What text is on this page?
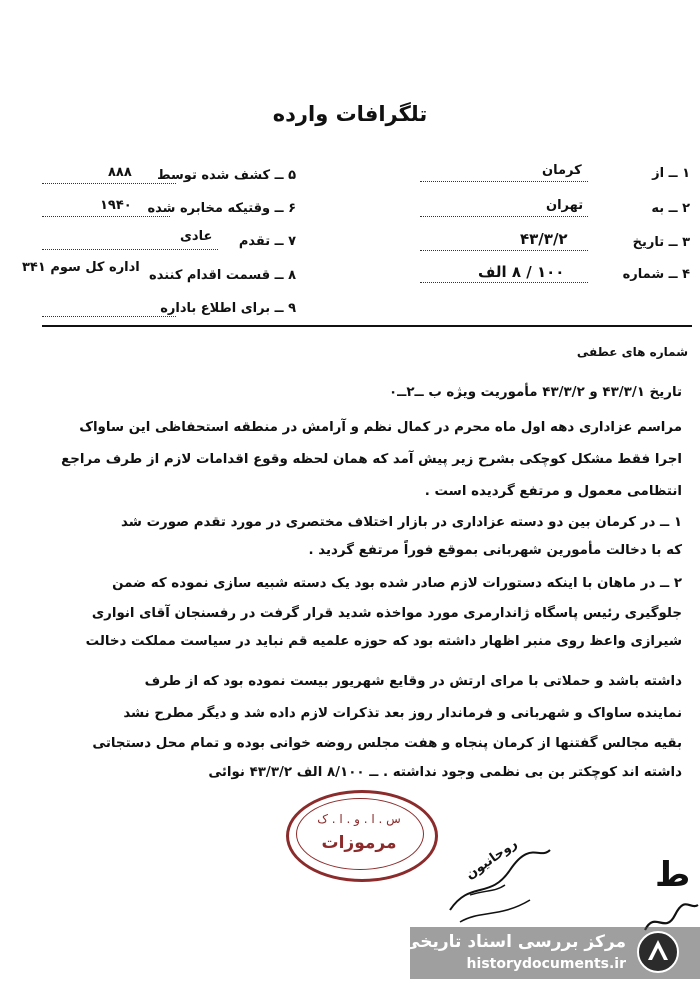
تلگرافات وارده
۱ ــ از
کرمان
۲ ــ به
تهران
۳ ــ تاریخ
۴۳/۳/۲
۴ ــ شماره
۱۰۰ / ۸ الف
۵ ــ کشف شده توسط
۸۸۸
۶ ــ وقتیکه مخابره شده
۱۹۴۰
۷ ــ تقدم
عادی
۸ ــ قسمت اقدام کننده
اداره کل سوم ۳۴۱
۹ ــ برای اطلاع باداره
شماره های عطفی
تاریخ ۴۳/۳/۱ و ۴۳/۳/۲ مأموریت ویژه ب ــ۲ــ۰
مراسم عزاداری دهه اول ماه محرم در کمال نظم و آرامش در منطقه استحفاظی این ساواک
اجرا فقط مشکل کوچکی بشرح زیر پیش آمد که همان لحظه وقوع اقدامات لازم از طرف مراجع
انتظامی معمول و مرتفع گردیده است .
۱ ــ در کرمان بین دو دسته عزاداری در بازار اختلاف مختصری در مورد تقدم صورت شد
که با دخالت مأمورین شهربانی بموقع فوراً مرتفع گردید .
۲ ــ در ماهان با اینکه دستورات لازم صادر شده بود یک دسته شبیه سازی نموده که ضمن
جلوگیری رئیس پاسگاه ژاندارمری مورد مواخذه شدید قرار گرفت در رفسنجان آقای انواری
شیرازی واعظ روی منبر اظهار داشته بود که حوزه علمیه قم نباید در سیاست مملکت دخالت
داشته باشد و حملاتی با مرای ارتش در وقایع شهریور بیست نموده بود که از طرف
نماینده ساواک و شهربانی و فرماندار روز بعد تذکرات لازم داده شد و دیگر مطرح نشد
بقیه مجالس گفتنها از کرمان پنجاه و هفت مجلس روضه خوانی بوده و تمام محل دستجاتی
داشته اند کوچکتر بن بی نظمی وجود نداشته . ــ ۸/۱۰۰ الف ۴۳/۳/۲ نوائی
س . ا . و . ا . ک
مرموزات	روحانیون	ط
مرکز بررسی اسناد تاریخی
historydocuments.ir
